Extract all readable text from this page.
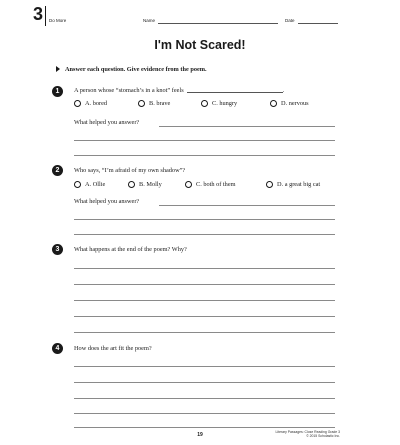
3 Do More	Name	Date
I'm Not Scared!
Answer each question. Give evidence from the poem.
1	A person whose “stomach’s in a knot” feels	.
A. bored	B. brave	C. hungry	D. nervous
What helped you answer?
2	Who says, “I’m afraid of my own shadow”?
A. Ollie	B. Molly	C. both of them	D. a great big cat
What helped you answer?
3	What happens at the end of the poem? Why?
4	How does the art fit the poem?
19	Literary Passages: Close Reading Grade 3
© 2015 Scholastic Inc.
